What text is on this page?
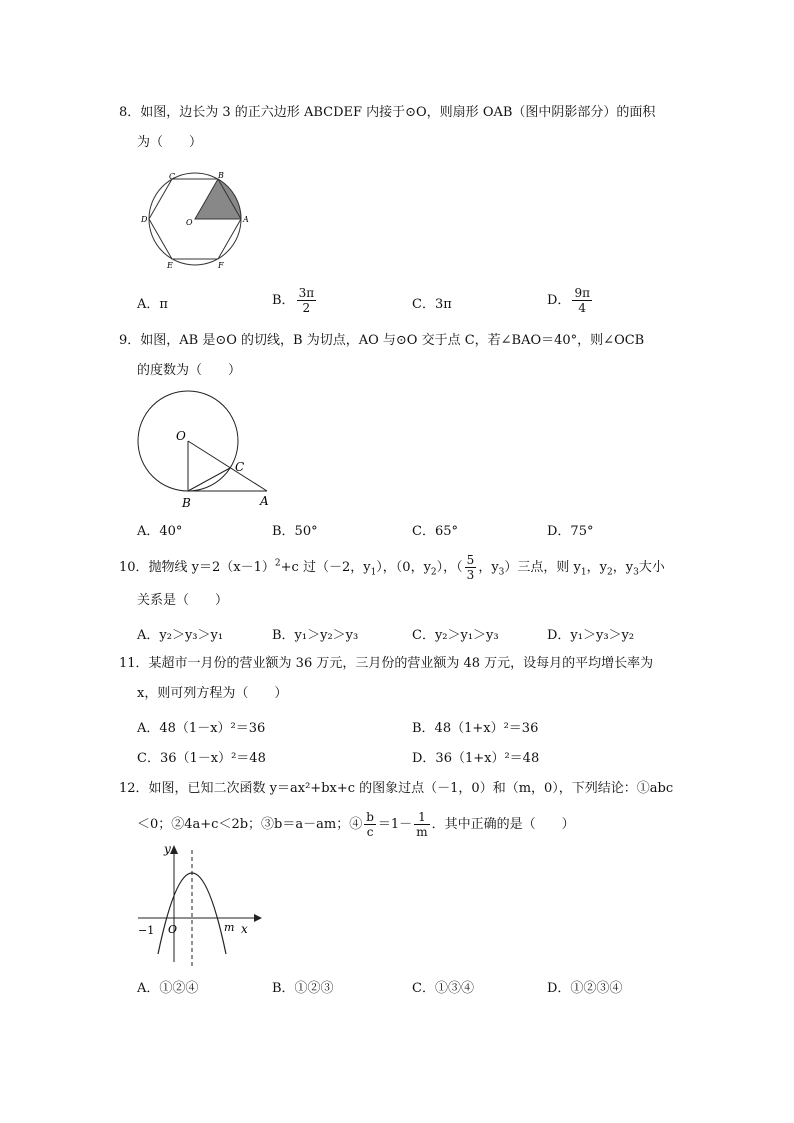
8．如图，边长为 3 的正六边形 ABCDEF 内接于⊙O，则扇形 OAB（图中阴影部分）的面积
为（　　）
C	B
D	O	A
E	F
A．π	B． $\frac{3\pi}{2}$	C．3π	D． $\frac{9\pi}{4}$
9．如图，AB 是⊙O 的切线，B 为切点，AO 与⊙O 交于点 C，若∠BAO＝40°，则∠OCB
的度数为（　　）
O
C
B	A
A．40°	B．50°	C．65°	D．75°
10．抛物线 $y=2(x-1)^2+c$ 过（－2，$y_1$），（0，$y_2$），（ $\frac{5}{3}$ ，$y_3$）三点，则 $y_1$，$y_2$，$y_3$大小
关系是（　　）
A．y₂＞y₃＞y₁	B．y₁＞y₂＞y₃	C．y₂＞y₁＞y₃	D．y₁＞y₃＞y₂
11．某超市一月份的营业额为 36 万元，三月份的营业额为 48 万元，设每月的平均增长率为
x，则可列方程为（　　）
A．48（1－x）²＝36	B．48（1+x）²＝36
C．36（1－x）²＝48	D．36（1+x）²＝48
12．如图，已知二次函数 y＝ax²+bx+c 的图象过点（－1，0）和（m，0），下列结论：①abc
＜0；②4a+c＜2b；③b＝a－am；④ $\frac{b}{c} =1- \frac{1}{m}$ ．其中正确的是（　　）
y
−1 O	m x
A．①②④	B．①②③	C．①③④	D．①②③④
